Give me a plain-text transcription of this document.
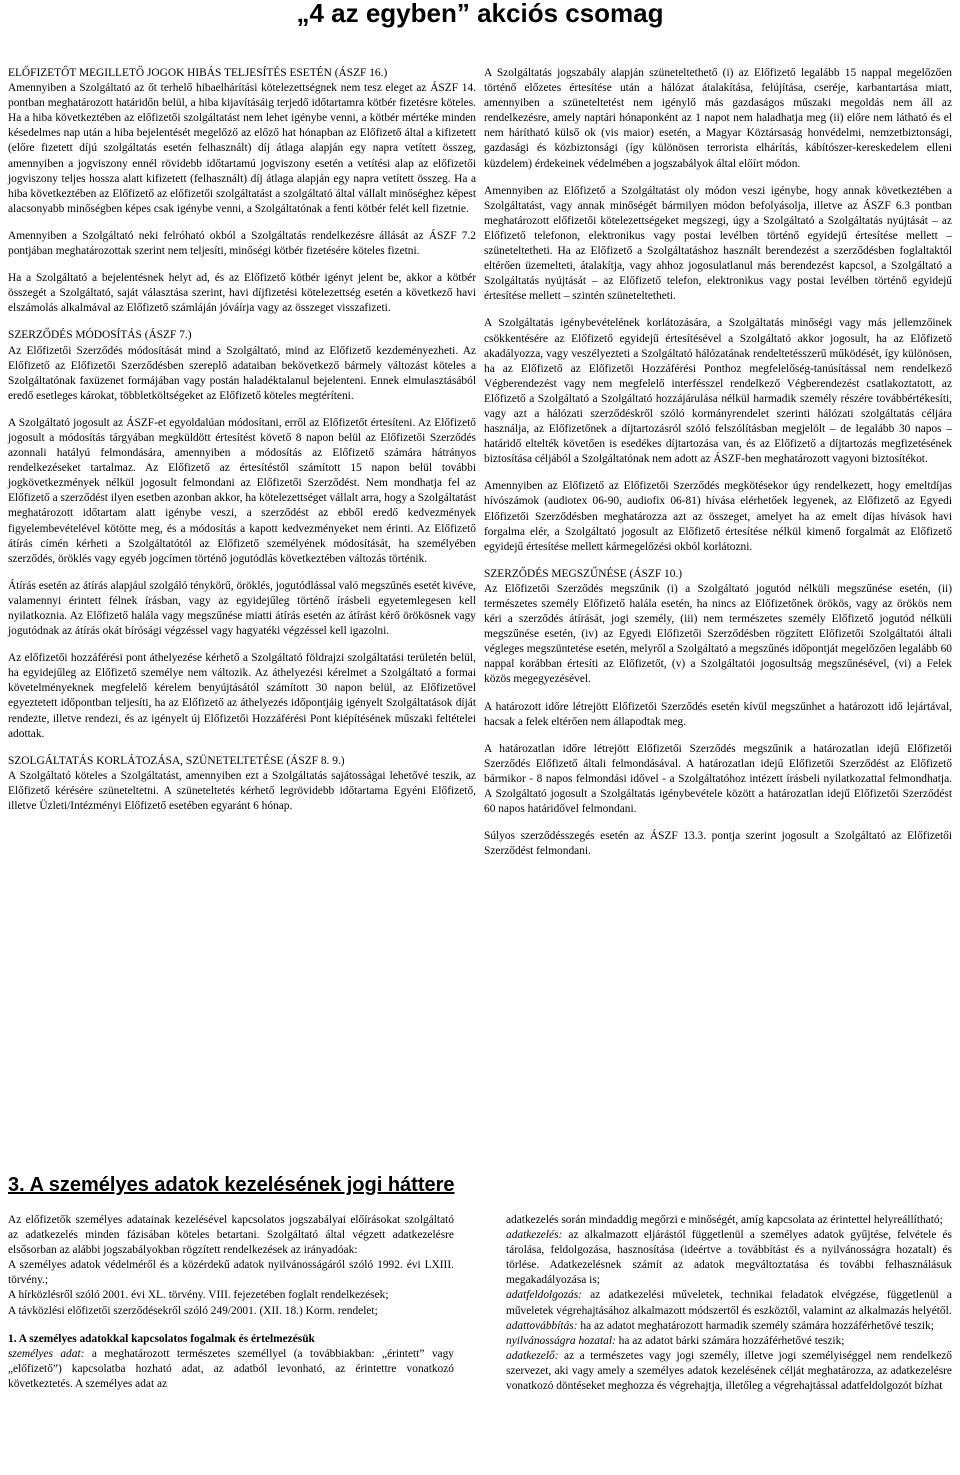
„4 az egyben” akciós csomag

ELŐFIZETŐT MEGILLETŐ JOGOK HIBÁS TELJESÍTÉS ESETÉN (ÁSZF 16.)

Amennyiben a Szolgáltató az őt terhelő hibaelhárítási kötelezettségnek nem tesz eleget az ÁSZF 14. pontban meghatározott határidőn belül, a hiba kijavításáig terjedő időtartamra kötbér fizetésre köteles. Ha a hiba következtében az előfizetői szolgáltatást nem lehet igénybe venni, a kötbér mértéke minden késedelmes nap után a hiba bejelentését megelőző az előző hat hónapban az Előfizető által a kifizetett (előre fizetett díjú szolgáltatás esetén felhasznált) díj átlaga alapján egy napra vetített összeg, amennyiben a jogviszony ennél rövidebb időtartamú jogviszony esetén a vetítési alap az előfizetői jogviszony teljes hossza alatt kifizetett (felhasznált) díj átlaga alapján egy napra vetített összeg. Ha a hiba következtében az Előfizető az előfizetői szolgáltatást a szolgáltató által vállalt minőséghez képest alacsonyabb minőségben képes csak igénybe venni, a Szolgáltatónak a fenti kötbér felét kell fizetnie.

Amennyiben a Szolgáltató neki felróható okból a Szolgáltatás rendelkezésre állását az ÁSZF 7.2 pontjában meghatározottak szerint nem teljesíti, minőségi kötbér fizetésére köteles fizetni.

Ha a Szolgáltató a bejelentésnek helyt ad, és az Előfizető kötbér igényt jelent be, akkor a kötbér összegét a Szolgáltató, saját választása szerint, havi díjfizetési kötelezettség esetén a következő havi elszámolás alkalmával az Előfizető számláján jóváírja vagy az összeget visszafizeti.

SZERZŐDÉS MÓDOSÍTÁS (ÁSZF 7.)

Az Előfizetői Szerződés módosítását mind a Szolgáltató, mind az Előfizető kezdeményezheti. Az Előfizető az Előfizetői Szerződésben szereplő adataiban bekövetkező bármely változást köteles a Szolgáltatónak faxüzenet formájában vagy postán haladéktalanul bejelenteni. Ennek elmulasztásából eredő esetleges károkat, többletköltségeket az Előfizető köteles megtéríteni.

A Szolgáltató jogosult az ÁSZF-et egyoldalúan módosítani, erről az Előfizetőt értesíteni. Az Előfizető jogosult a módosítás tárgyában megküldött értesítést követő 8 napon belül az Előfizetői Szerződés azonnali hatályú felmondására, amennyiben a módosítás az Előfizető számára hátrányos rendelkezéseket tartalmaz. Az Előfizető az értesítéstől számított 15 napon belül további jogkövetkezmények nélkül jogosult felmondani az Előfizetői Szerződést. Nem mondhatja fel az Előfizető a szerződést ilyen esetben azonban akkor, ha kötelezettséget vállalt arra, hogy a Szolgáltatást meghatározott időtartam alatt igénybe veszi, a szerződést az ebből eredő kedvezmények figyelembevételével kötötte meg, és a módosítás a kapott kedvezményeket nem érinti. Az Előfizető átírás címén kérheti a Szolgáltatótól az Előfizető személyének módosítását, ha személyében szerződés, öröklés vagy egyéb jogcímen történő jogutódlás következtében változás történik.

Átírás esetén az átírás alapjául szolgáló ténykörű, öröklés, jogutódlással való megszűnés esetét kivéve, valamennyi érintett félnek írásban, vagy az egyidejűleg történő írásbeli egyetemlegesen kell nyilatkoznia. Az Előfizető halála vagy megszűnése miatti átírás esetén az átírást kérő örökösnek vagy jogutódnak az átírás okát bírósági végzéssel vagy hagyatéki végzéssel kell igazolni.

Az előfizetői hozzáférési pont áthelyezése kérhető a Szolgáltató földrajzi szolgáltatási területén belül, ha egyidejűleg az Előfizető személye nem változik. Az áthelyezési kérelmet a Szolgáltató a formai követelményeknek megfelelő kérelem benyújtásától számított 30 napon belül, az Előfizetővel egyeztetett időpontban teljesíti, ha az Előfizető az áthelyezés időpontjáig igényelt Szolgáltatások díját rendezte, illetve rendezi, és az igényelt új Előfizetői Hozzáférési Pont kiépítésének műszaki feltételei adottak.

SZOLGÁLTATÁS KORLÁTOZÁSA, SZÜNETELTETÉSE (ÁSZF 8. 9.)

A Szolgáltató köteles a Szolgáltatást, amennyiben ezt a Szolgáltatás sajátosságai lehetővé teszik, az Előfizető kérésére szüneteltetni. A szüneteltetés kérhető legrövidebb időtartama Egyéni Előfizető, illetve Üzleti/Intézményi Előfizető esetében egyaránt 6 hónap.

A Szolgáltatás jogszabály alapján szüneteltethető (i) az Előfizető legalább 15 nappal megelőzően történő előzetes értesítése után a hálózat átalakítása, felújítása, cseréje, karbantartása miatt, amennyiben a szüneteltetést nem igénylő más gazdaságos műszaki megoldás nem áll az rendelkezésre, amely naptári hónaponként az 1 napot nem haladhatja meg (ii) előre nem látható és el nem hárítható külső ok (vis maior) esetén, a Magyar Köztársaság honvédelmi, nemzetbiztonsági, gazdasági és közbiztonsági (így különösen terrorista elhárítás, kábítószer-kereskedelem elleni küzdelem) érdekeinek védelmében a jogszabályok által előírt módon.

Amennyiben az Előfizető a Szolgáltatást oly módon veszi igénybe, hogy annak következtében a Szolgáltatást, vagy annak minőségét bármilyen módon befolyásolja, illetve az ÁSZF 6.3 pontban meghatározott előfizetői kötelezettségeket megszegi, úgy a Szolgáltató a Szolgáltatás nyújtását – az Előfizető telefonon, elektronikus vagy postai levélben történő egyidejű értesítése mellett – szüneteltetheti. Ha az Előfizető a Szolgáltatáshoz használt berendezést a szerződésben foglaltaktól eltérően üzemelteti, átalakítja, vagy ahhoz jogosulatlanul más berendezést kapcsol, a Szolgáltató a Szolgáltatás nyújtását – az Előfizető telefon, elektronikus vagy postai levélben történő egyidejű értesítése mellett – szintén szüneteltetheti.

A Szolgáltatás igénybevételének korlátozására, a Szolgáltatás minőségi vagy más jellemzőinek csökkentésére az Előfizető egyidejű értesítésével a Szolgáltató akkor jogosult, ha az Előfizető akadályozza, vagy veszélyezteti a Szolgáltató hálózatának rendeltetésszerű működését, így különösen, ha az Előfizető az Előfizetői Hozzáférési Ponthoz megfelelőség-tanúsítással nem rendelkező Végberendezést vagy nem megfelelő interfésszel rendelkező Végberendezést csatlakoztatott, az Előfizető a Szolgáltató a Szolgáltató hozzájárulása nélkül harmadik személy részére továbbértékesíti, vagy azt a hálózati szerződéskről szóló kormányrendelet szerinti hálózati szolgáltatás céljára használja, az Előfizetőnek a díjtartozásról szóló felszólításban megjelölt – de legalább 30 napos – határidő eltelték követően is esedékes díjtartozása van, és az Előfizető a díjtartozás megfizetésének biztosítása céljából a Szolgáltatónak nem adott az ÁSZF-ben meghatározott vagyoni biztosítékot.

Amennyiben az Előfizető az Előfizetői Szerződés megkötésekor úgy rendelkezett, hogy emeltdíjas hívószámok (audiotex 06-90, audiofix 06-81) hívása elérhetőek legyenek, az Előfizető az Egyedi Előfizetői Szerződésben meghatározza azt az összeget, amelyet ha az emelt díjas hívások havi forgalma elér, a Szolgáltató jogosult az Előfizető értesítése nélkül kimenő forgalmát az Előfizető egyidejű értesítése mellett kármegelőzési okból korlátozni.

SZERZŐDÉS MEGSZŰNÉSE (ÁSZF 10.)

Az Előfizetői Szerződés megszűnik (i) a Szolgáltató jogutód nélküli megszűnése esetén, (ii) természetes személy Előfizető halála esetén, ha nincs az Előfizetőnek örökös, vagy az örökös nem kéri a szerződés átírását, jogi személy, (iii) nem természetes személy Előfizető jogutód nélküli megszűnése esetén, (iv) az Egyedi Előfizetői Szerződésben rögzített Előfizetői Szolgáltatói általi végleges megszüntetése esetén, melyről a Szolgáltató a megszűnés időpontját megelőzően legalább 60 nappal korábban értesíti az Előfizetőt, (v) a Szolgáltatói jogosultság megszűnésével, (vi) a Felek közös megegyezésével.

A határozott időre létrejött Előfizetői Szerződés esetén kívül megszűnhet a határozott idő lejártával, hacsak a felek eltérően nem állapodtak meg.

A határozatlan időre létrejött Előfizetői Szerződés megszűnik a határozatlan idejű Előfizetői Szerződés Előfizető általi felmondásával. A határozatlan idejű Előfizetői Szerződést az Előfizető bármikor - 8 napos felmondási idővel - a Szolgáltatóhoz intézett írásbeli nyilatkozattal felmondhatja. A Szolgáltató jogosult a Szolgáltatás igénybevétele között a határozatlan idejű Előfizetői Szerződést 60 napos határidővel felmondani.

Súlyos szerződésszegés esetén az ÁSZF 13.3. pontja szerint jogosult a Szolgáltató az Előfizetői Szerződést felmondani.

3. A személyes adatok kezelésének jogi háttere

Az előfizetők személyes adatainak kezelésével kapcsolatos jogszabályai előírásokat szolgáltató az adatkezelés minden fázisában köteles betartani. Szolgáltató által végzett adatkezelésre elsősorban az alábbi jogszabályokban rögzített rendelkezések az irányadóak:

A személyes adatok védelméről és a közérdekű adatok nyilvánosságáról szóló 1992. évi LXIII. törvény.;

A hírközlésről szóló 2001. évi XL. törvény. VIII. fejezetében foglalt rendelkezések;

A távközlési előfizetői szerződésekről szóló 249/2001. (XII. 18.) Korm. rendelet;

1. A személyes adatokkal kapcsolatos fogalmak és értelmezésük

személyes adat: a meghatározott természetes személlyel (a továbbiakban: „érintett” vagy „előfizető”) kapcsolatba hozható adat, az adatból levonható, az érintettre vonatkozó következtetés. A személyes adat az

adatkezelés során mindaddig megőrzi e minőségét, amíg kapcsolata az érintettel helyreállítható;

adatkezelés: az alkalmazott eljárástól függetlenül a személyes adatok gyűjtése, felvétele és tárolása, feldolgozása, hasznosítása (ideértve a továbbítást és a nyilvánosságra hozatalt) és törlése. Adatkezelésnek számít az adatok megváltoztatása és további felhasználásuk megakadályozása is;

adatfeldolgozás: az adatkezelési műveletek, technikai feladatok elvégzése, függetlenül a műveletek végrehajtásához alkalmazott módszertől és eszköztől, valamint az alkalmazás helyétől.

adattovábbítás: ha az adatot meghatározott harmadik személy számára hozzáférhetővé teszik;

nyilvánosságra hozatal: ha az adatot bárki számára hozzáférhetővé teszik;

adatkezelő: az a természetes vagy jogi személy, illetve jogi személyiséggel nem rendelkező szervezet, aki vagy amely a személyes adatok kezelésének célját meghatározza, az adatkezelésre vonatkozó döntéseket meghozza és végrehajtja, illetőleg a végrehajtással adatfeldolgozót bízhat
